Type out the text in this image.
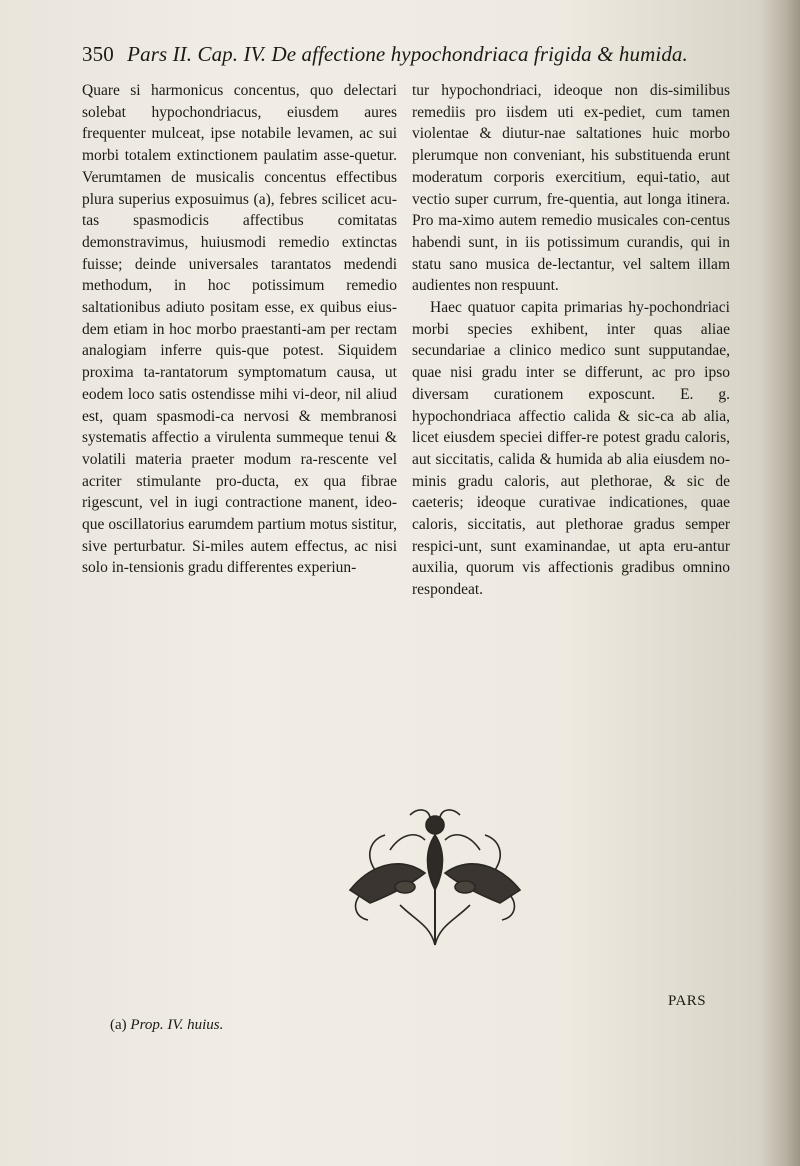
350 Pars II. Cap. IV. De affectione hypochondriaca frigida & humida.

Quare si harmonicus concentus, quo delectari solebat hypochondriacus, eiusdem aures frequenter mulceat, ipse notabile levamen, ac sui morbi totalem extinctionem paulatim asse-quetur. Verumtamen de musicalis concentus effectibus plura superius exposuimus (a), febres scilicet acu-tas spasmodicis affectibus comitatas demonstravimus, huiusmodi remedio extinctas fuisse; deinde universales tarantatos medendi methodum, in hoc potissimum remedio saltationibus adiuto positam esse, ex quibus eius-dem etiam in hoc morbo praestanti-am per rectam analogiam inferre quis-que potest. Siquidem proxima ta-rantatorum symptomatum causa, ut eodem loco satis ostendisse mihi vi-deor, nil aliud est, quam spasmodi-ca nervosi & membranosi systematis affectio a virulenta summeque tenui & volatili materia praeter modum ra-rescente vel acriter stimulante pro-ducta, ex qua fibrae rigescunt, vel in iugi contractione manent, ideo-que oscillatorius earumdem partium motus sistitur, sive perturbatur. Si-miles autem effectus, ac nisi solo in-tensionis gradu differentes experiun-

tur hypochondriaci, ideoque non dis-similibus remediis pro iisdem uti ex-pediet, cum tamen violentae & diutur-nae saltationes huic morbo plerumque non conveniant, his substituenda erunt moderatum corporis exercitium, equi-tatio, aut vectio super currum, fre-quentia, aut longa itinera. Pro ma-ximo autem remedio musicales con-centus habendi sunt, in iis potissimum curandis, qui in statu sano musica de-lectantur, vel saltem illam audientes non respuunt.

Haec quatuor capita primarias hy-pochondriaci morbi species exhibent, inter quas aliae secundariae a clinico medico sunt supputandae, quae nisi gradu inter se differunt, ac pro ipso diversam curationem exposcunt. E. g. hypochondriaca affectio calida & sic-ca ab alia, licet eiusdem speciei differ-re potest gradu caloris, aut siccitatis, calida & humida ab alia eiusdem no-minis gradu caloris, aut plethorae, & sic de caeteris; ideoque curativae indicationes, quae caloris, siccitatis, aut plethorae gradus semper respici-unt, sunt examinandae, ut apta eru-antur auxilia, quorum vis affectionis gradibus omnino respondeat.

(a) Prop. IV. huius.
PARS
